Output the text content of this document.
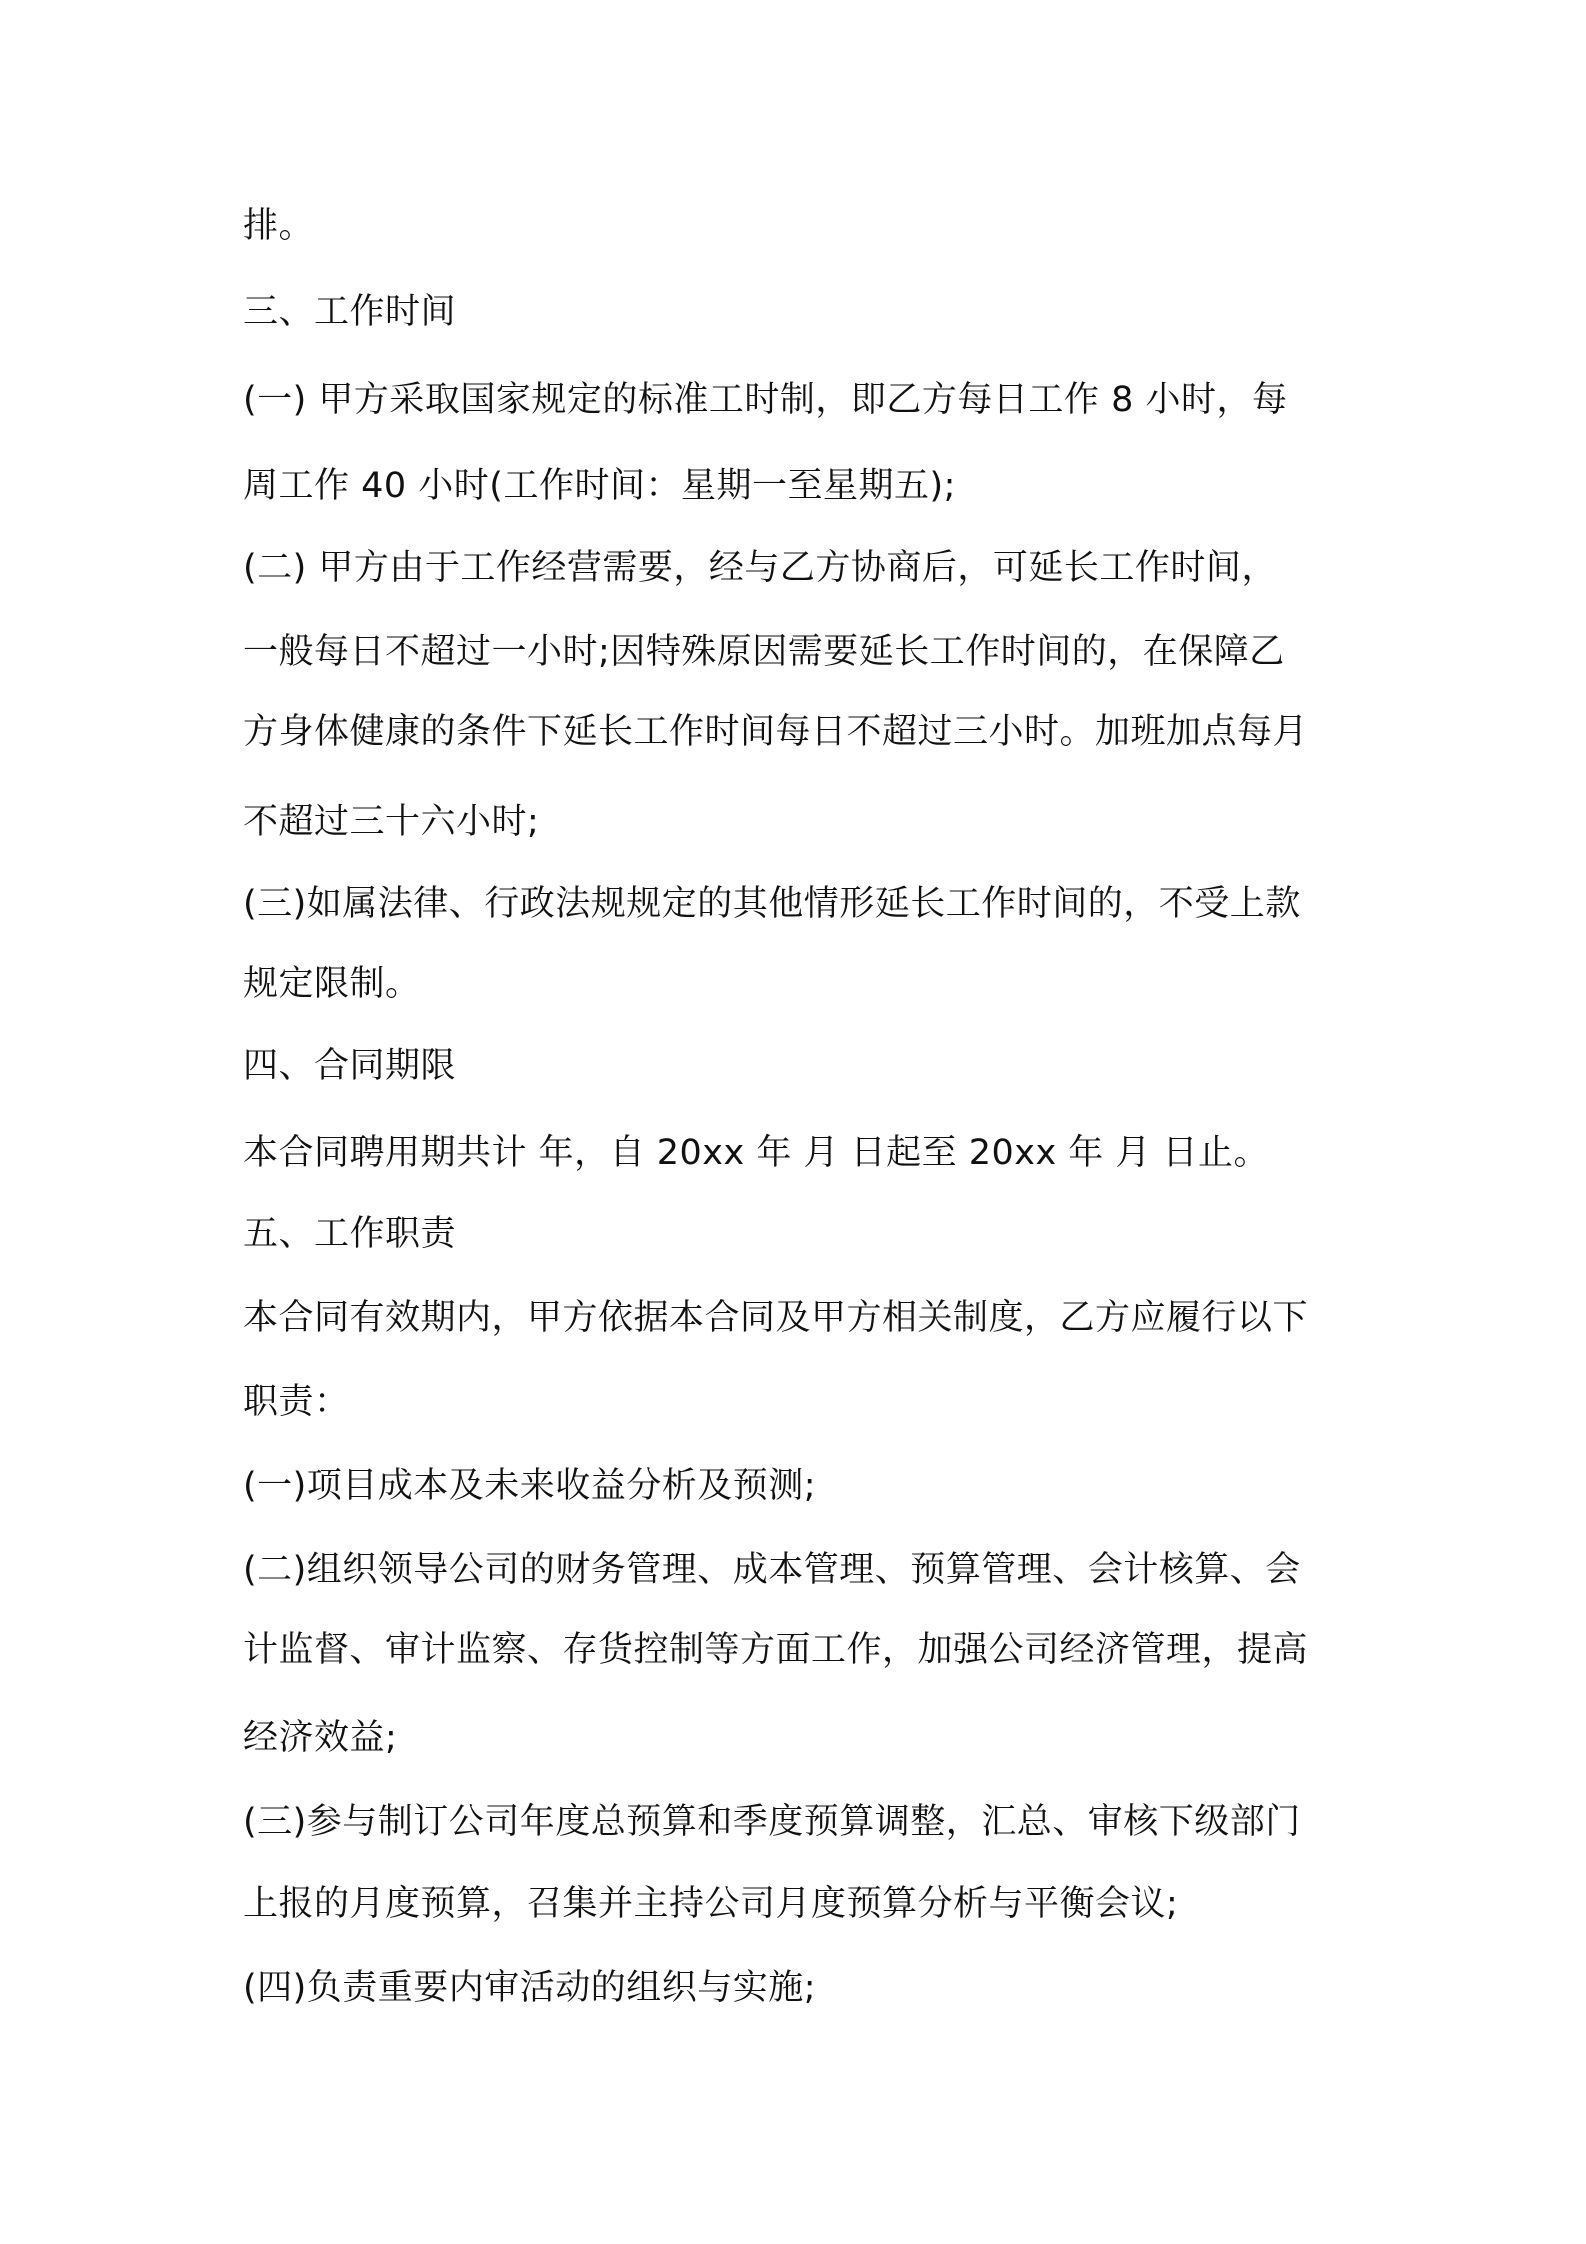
排。
三、工作时间
(一) 甲方采取国家规定的标准工时制，即乙方每日工作 8 小时，每
周工作 40 小时(工作时间：星期一至星期五);
(二) 甲方由于工作经营需要，经与乙方协商后，可延长工作时间，
一般每日不超过一小时;因特殊原因需要延长工作时间的，在保障乙
方身体健康的条件下延长工作时间每日不超过三小时。加班加点每月
不超过三十六小时;
(三)如属法律、行政法规规定的其他情形延长工作时间的，不受上款
规定限制。
四、合同期限
本合同聘用期共计 年，自 20xx 年 月 日起至 20xx 年 月 日止。
五、工作职责
本合同有效期内，甲方依据本合同及甲方相关制度，乙方应履行以下
职责：
(一)项目成本及未来收益分析及预测;
(二)组织领导公司的财务管理、成本管理、预算管理、会计核算、会
计监督、审计监察、存货控制等方面工作，加强公司经济管理，提高
经济效益;
(三)参与制订公司年度总预算和季度预算调整，汇总、审核下级部门
上报的月度预算，召集并主持公司月度预算分析与平衡会议;
(四)负责重要内审活动的组织与实施;
